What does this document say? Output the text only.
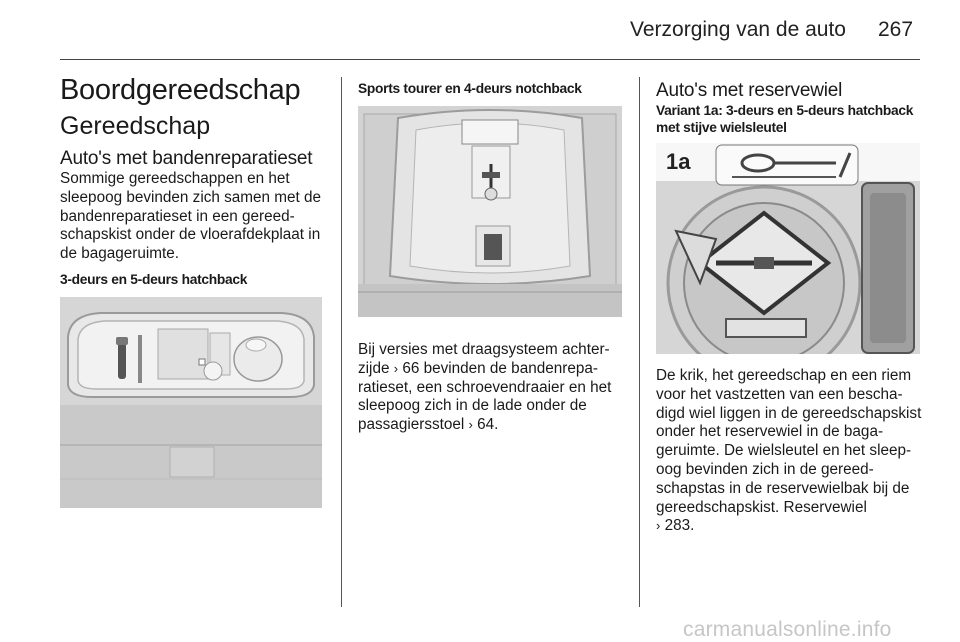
Verzorging van de auto 267
Boordgereedschap
Gereedschap
Auto's met bandenreparatieset

Sommige gereedschappen en het sleepoog bevinden zich samen met de bandenreparatieset in een gereedschapskist onder de vloerafdekplaat in de bagageruimte.

3-deurs en 5-deurs hatchback

Sports tourer en 4-deurs notchback

Bij versies met draagsysteem achterzijde › 66 bevinden de bandenreparatieset, een schroevendraaier en het sleepoog zich in de lade onder de passagiersstoel › 64.

Auto's met reservewiel

Variant 1a: 3-deurs en 5-deurs hatchback met stijve wielsleutel

1a

De krik, het gereedschap en een riem voor het vastzetten van een beschadigd wiel liggen in de gereedschapskist onder het reservewiel in de bagageruimte. De wielsleutel en het sleepoog bevinden zich in de gereedschapstas in de reservewielbak bij de gereedschapskist. Reservewiel
› 283.

carmanualsonline.info
